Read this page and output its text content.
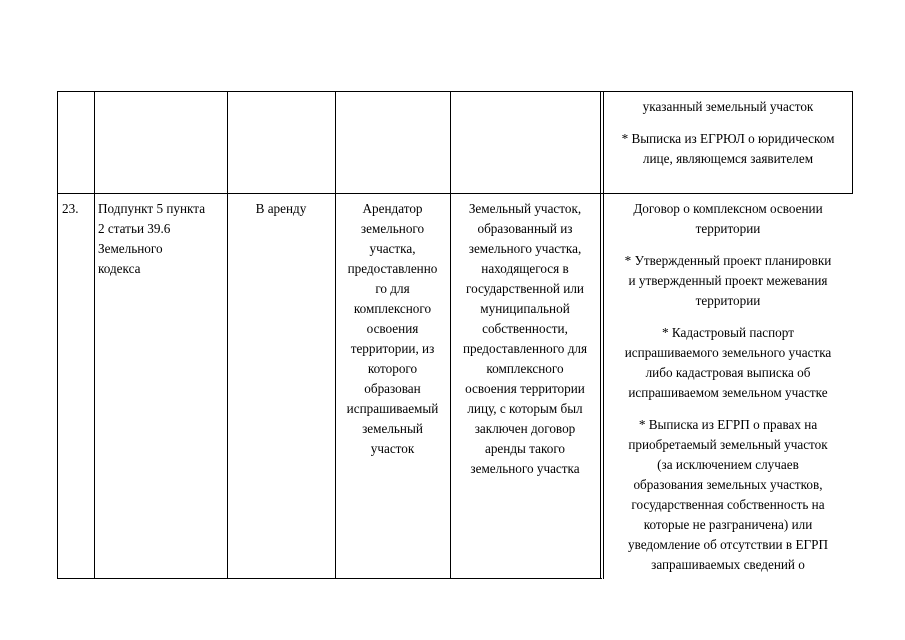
указанный земельный участок
* Выписка из ЕГРЮЛ о юридическом
лице, являющемся заявителем
23.	Подпункт 5 пункта
2 статьи 39.6
Земельного
кодекса
В аренду	Арендатор
земельного
участка,
предоставленно
го для
комплексного
освоения
территории, из
которого
образован
испрашиваемый
земельный
участок
Земельный участок,
образованный из
земельного участка,
находящегося в
государственной или
муниципальной
собственности,
предоставленного для
комплексного
освоения территории
лицу, с которым был
заключен договор
аренды такого
земельного участка
Договор о комплексном освоении
территории
* Утвержденный проект планировки
и утвержденный проект межевания
территории
* Кадастровый паспорт
испрашиваемого земельного участка
либо кадастровая выписка об
испрашиваемом земельном участке
* Выписка из ЕГРП о правах на
приобретаемый земельный участок
(за исключением случаев
образования земельных участков,
государственная собственность на
которые не разграничена) или
уведомление об отсутствии в ЕГРП
запрашиваемых сведений о
